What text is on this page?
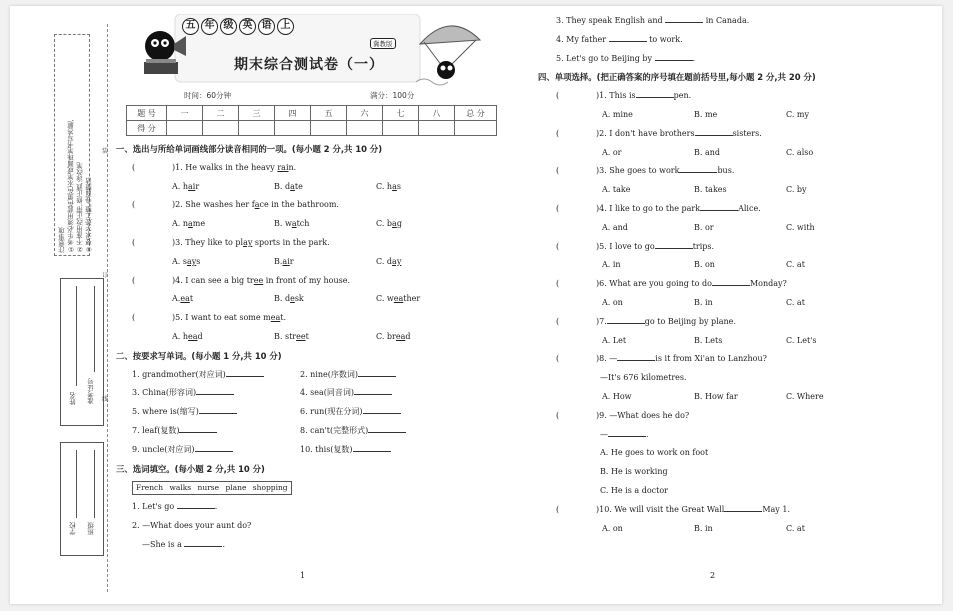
注意事项
①考生必须用蓝色黑色水笔或圆珠笔书写答题,
②不准用改正带,修正液,涂改笔
③要求字迹工整,卷面整洁
姓名 准考证号
学校 班级
装
订
线
五 年 级 英 语 上
冀教版
期末综合测试卷（一）
时间：60分钟	满分：100分
题 号	一	二	三	四	五	六	七	八	总 分
得 分									
一、选出与所给单词画线部分读音相同的一项。(每小题 2 分,共 10 分)
(	)1. He walks in the heavy rain.
A. hair	B. date	C. has
(	)2. She washes her face in the bathroom.
A. name	B. watch	C. bag
(	)3. They like to play sports in the park.
A. says	B.air	C. day
(	)4. I can see a big tree in front of my house.
A.eat	B. desk	C. weather
(	)5. I want to eat some meat.
A. head	B. street	C. bread
二、按要求写单词。(每小题 1 分,共 10 分)
1. grandmother(对应词)	2. nine(序数词)
3. China(形容词)	4. sea(同音词)
5. where is(缩写)	6. run(现在分词)
7. leaf(复数)	8. can't(完整形式)
9. uncle(对应词)	10. this(复数)
三、选词填空。(每小题 2 分,共 10 分)
French walks nurse plane shopping
1. Let's go	.
2. —What does your aunt do?
—She is a	.
1
3. They speak English and	in Canada.
4. My father	to work.
5. Let's go to Beijing by	.
四、单项选择。(把正确答案的序号填在题前括号里,每小题 2 分,共 20 分)
(	)1. This is	pen.
A. mine	B. me	C. my
(	)2. I don't have brothers	sisters.
A. or	B. and	C. also
(	)3. She goes to work	bus.
A. take	B. takes	C. by
(	)4. I like to go to the park	Alice.
A. and	B. or	C. with
(	)5. I love to go	trips.
A. in	B. on	C. at
(	)6. What are you going to do	Monday?
A. on	B. in	C. at
(	)7.	go to Beijing by plane.
A. Let	B. Lets	C. Let's
(	)8. —	is it from Xi'an to Lanzhou?
—It's 676 kilometres.
A. How	B. How far	C. Where
(	)9. —What does he do?
—	.
A. He goes to work on foot
B. He is working
C. He is a doctor
(	)10. We will visit the Great Wall	May 1.
A. on	B. in	C. at
2
